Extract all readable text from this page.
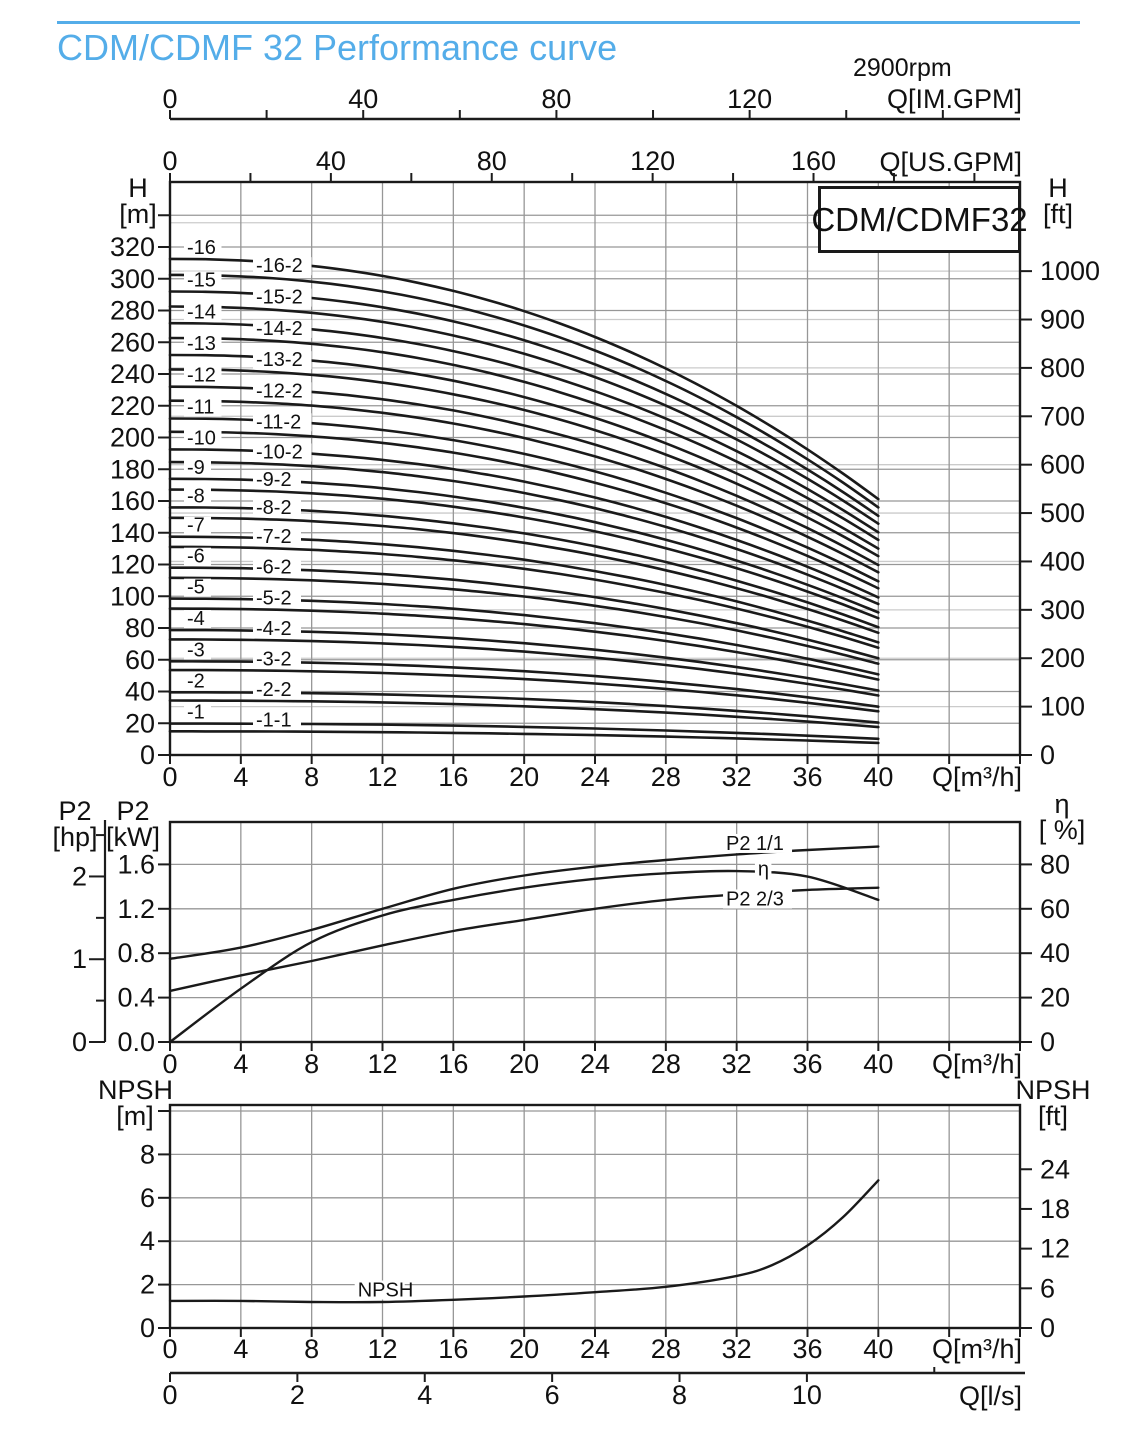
CDM/CDMF 32 Performance curve	2900rpm
Q[IM.GPM]
Q[US.GPM]
H
[m]
H
[ft]
CDM/CDMF32
Q[m³/h]
P2
[hp]
P2
[kW]
η
[ %]
Q[m³/h]
NPSH
[m]
NPSH
[ft]
Q[m³/h]
Q[l/s]
-1	-1-1
-2	-2-2
-3	-3-2
-4	-4-2
-5	-5-2
-6	-6-2
-7
-7-2
-8
-8-2
-9
-9-2
-10
-10-2
-11
-11-2
-12
-12-2
-13
-13-2
-14
-14-2
-15
-15-2
-16
-16-2
0
20
40
60
80
100
120
140
160
180
200
220
240
260
280
300
320
0
100
200
300
400
500
600
700
800
900
1000
0 4 8 12 16 20 24 28 32 36 40
0	40	80	120	160
0	40	80	120
P2 1/1
η
P2 2/3
0.0
0.4
0.8
1.2
1.6
0
20
40
60
80
0 4 8 12 16 20 24 28 32 36 40
0
1
2
NPSH
0
2
4
6
8
0
6
12
18
24
0 4 8 12 16 20 24 28 32 36 40
0	2	4	6	8	10
